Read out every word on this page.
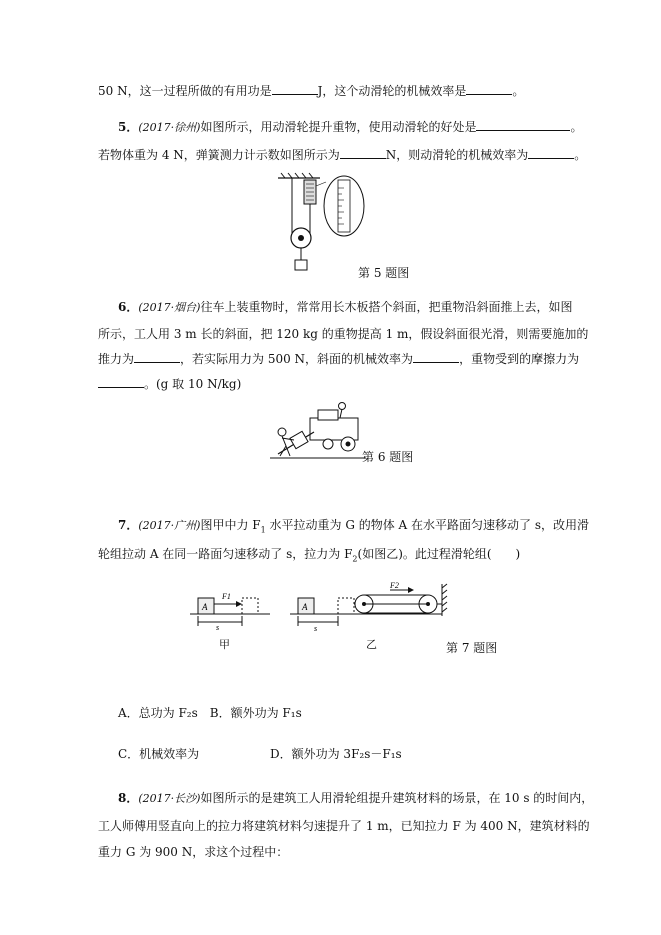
50 N，这一过程所做的有用功是	J，这个动滑轮的机械效率是	。
5．(2017·徐州)如图所示，用动滑轮提升重物，使用动滑轮的好处是	。
若物体重为 4 N，弹簧测力计示数如图所示为	N，则动滑轮的机械效率为	。
第 5 题图
6．(2017·烟台)往车上装重物时，常常用长木板搭个斜面，把重物沿斜面推上去，如图
所示，工人用 3 m 长的斜面，把 120 kg 的重物提高 1 m，假设斜面很光滑，则需要施加的
推力为	，若实际用力为 500 N，斜面的机械效率为	，重物受到的摩擦力为
。(g 取 10 N/kg)
第 6 题图
7．(2017·广州)图甲中力 $F_1$ 水平拉动重为 G 的物体 A 在水平路面匀速移动了 s，改用滑
轮组拉动 A 在同一路面匀速移动了 s，拉力为 $F_2$(如图乙)。此过程滑轮组(　　)
A
F1
s
甲
A
F2
s
乙	第 7 题图
A．总功为 F₂s　 B．额外功为 F₁s
C．机械效率为	D．额外功为 3F₂s－F₁s
8．(2017·长沙)如图所示的是建筑工人用滑轮组提升建筑材料的场景，在 10 s 的时间内，
工人师傅用竖直向上的拉力将建筑材料匀速提升了 1 m，已知拉力 F 为 400 N，建筑材料的
重力 G 为 900 N，求这个过程中：
